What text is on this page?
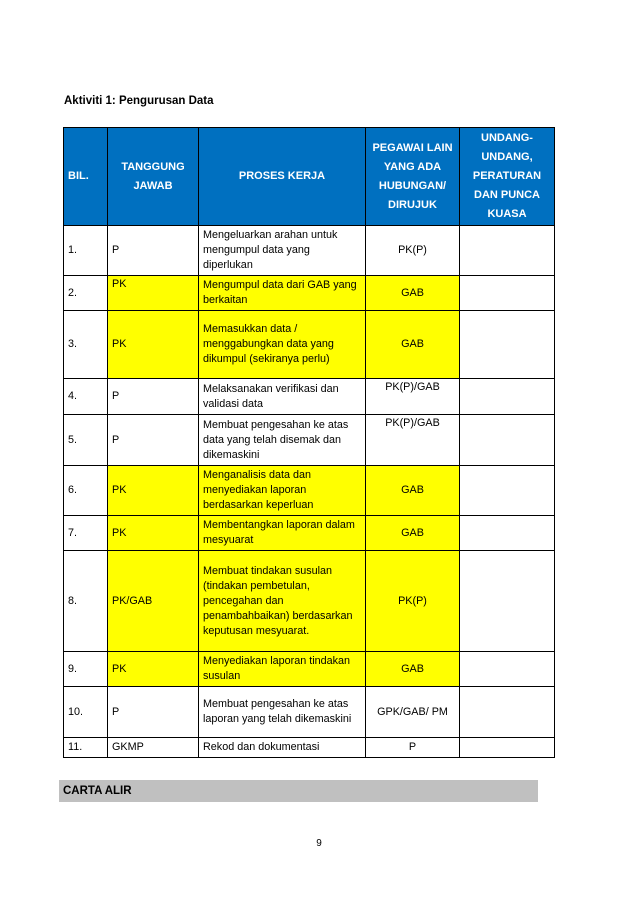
Aktiviti 1: Pengurusan Data
BIL.	TANGGUNG JAWAB	PROSES KERJA	PEGAWAI LAIN YANG ADA HUBUNGAN/ DIRUJUK	UNDANG-UNDANG, PERATURAN DAN PUNCA KUASA
1.	P	Mengeluarkan arahan untuk mengumpul data yang diperlukan	PK(P)	
2.	PK	Mengumpul data dari GAB yang berkaitan	GAB	
3.	PK	Memasukkan data / menggabungkan data yang dikumpul (sekiranya perlu)	GAB	
4.	P	Melaksanakan verifikasi dan validasi data	PK(P)/GAB	
5.	P	Membuat pengesahan ke atas data yang telah disemak dan dikemaskini	PK(P)/GAB	
6.	PK	Menganalisis data dan menyediakan laporan berdasarkan keperluan	GAB	
7.	PK	Membentangkan laporan dalam mesyuarat	GAB	
8.	PK/GAB	Membuat tindakan susulan (tindakan pembetulan, pencegahan dan penambahbaikan) berdasarkan keputusan mesyuarat.	PK(P)	
9.	PK	Menyediakan laporan tindakan susulan	GAB	
10.	P	Membuat pengesahan ke atas laporan yang telah dikemaskini	GPK/GAB/ PM	
11.	GKMP	Rekod dan dokumentasi	P	
CARTA ALIR
9
